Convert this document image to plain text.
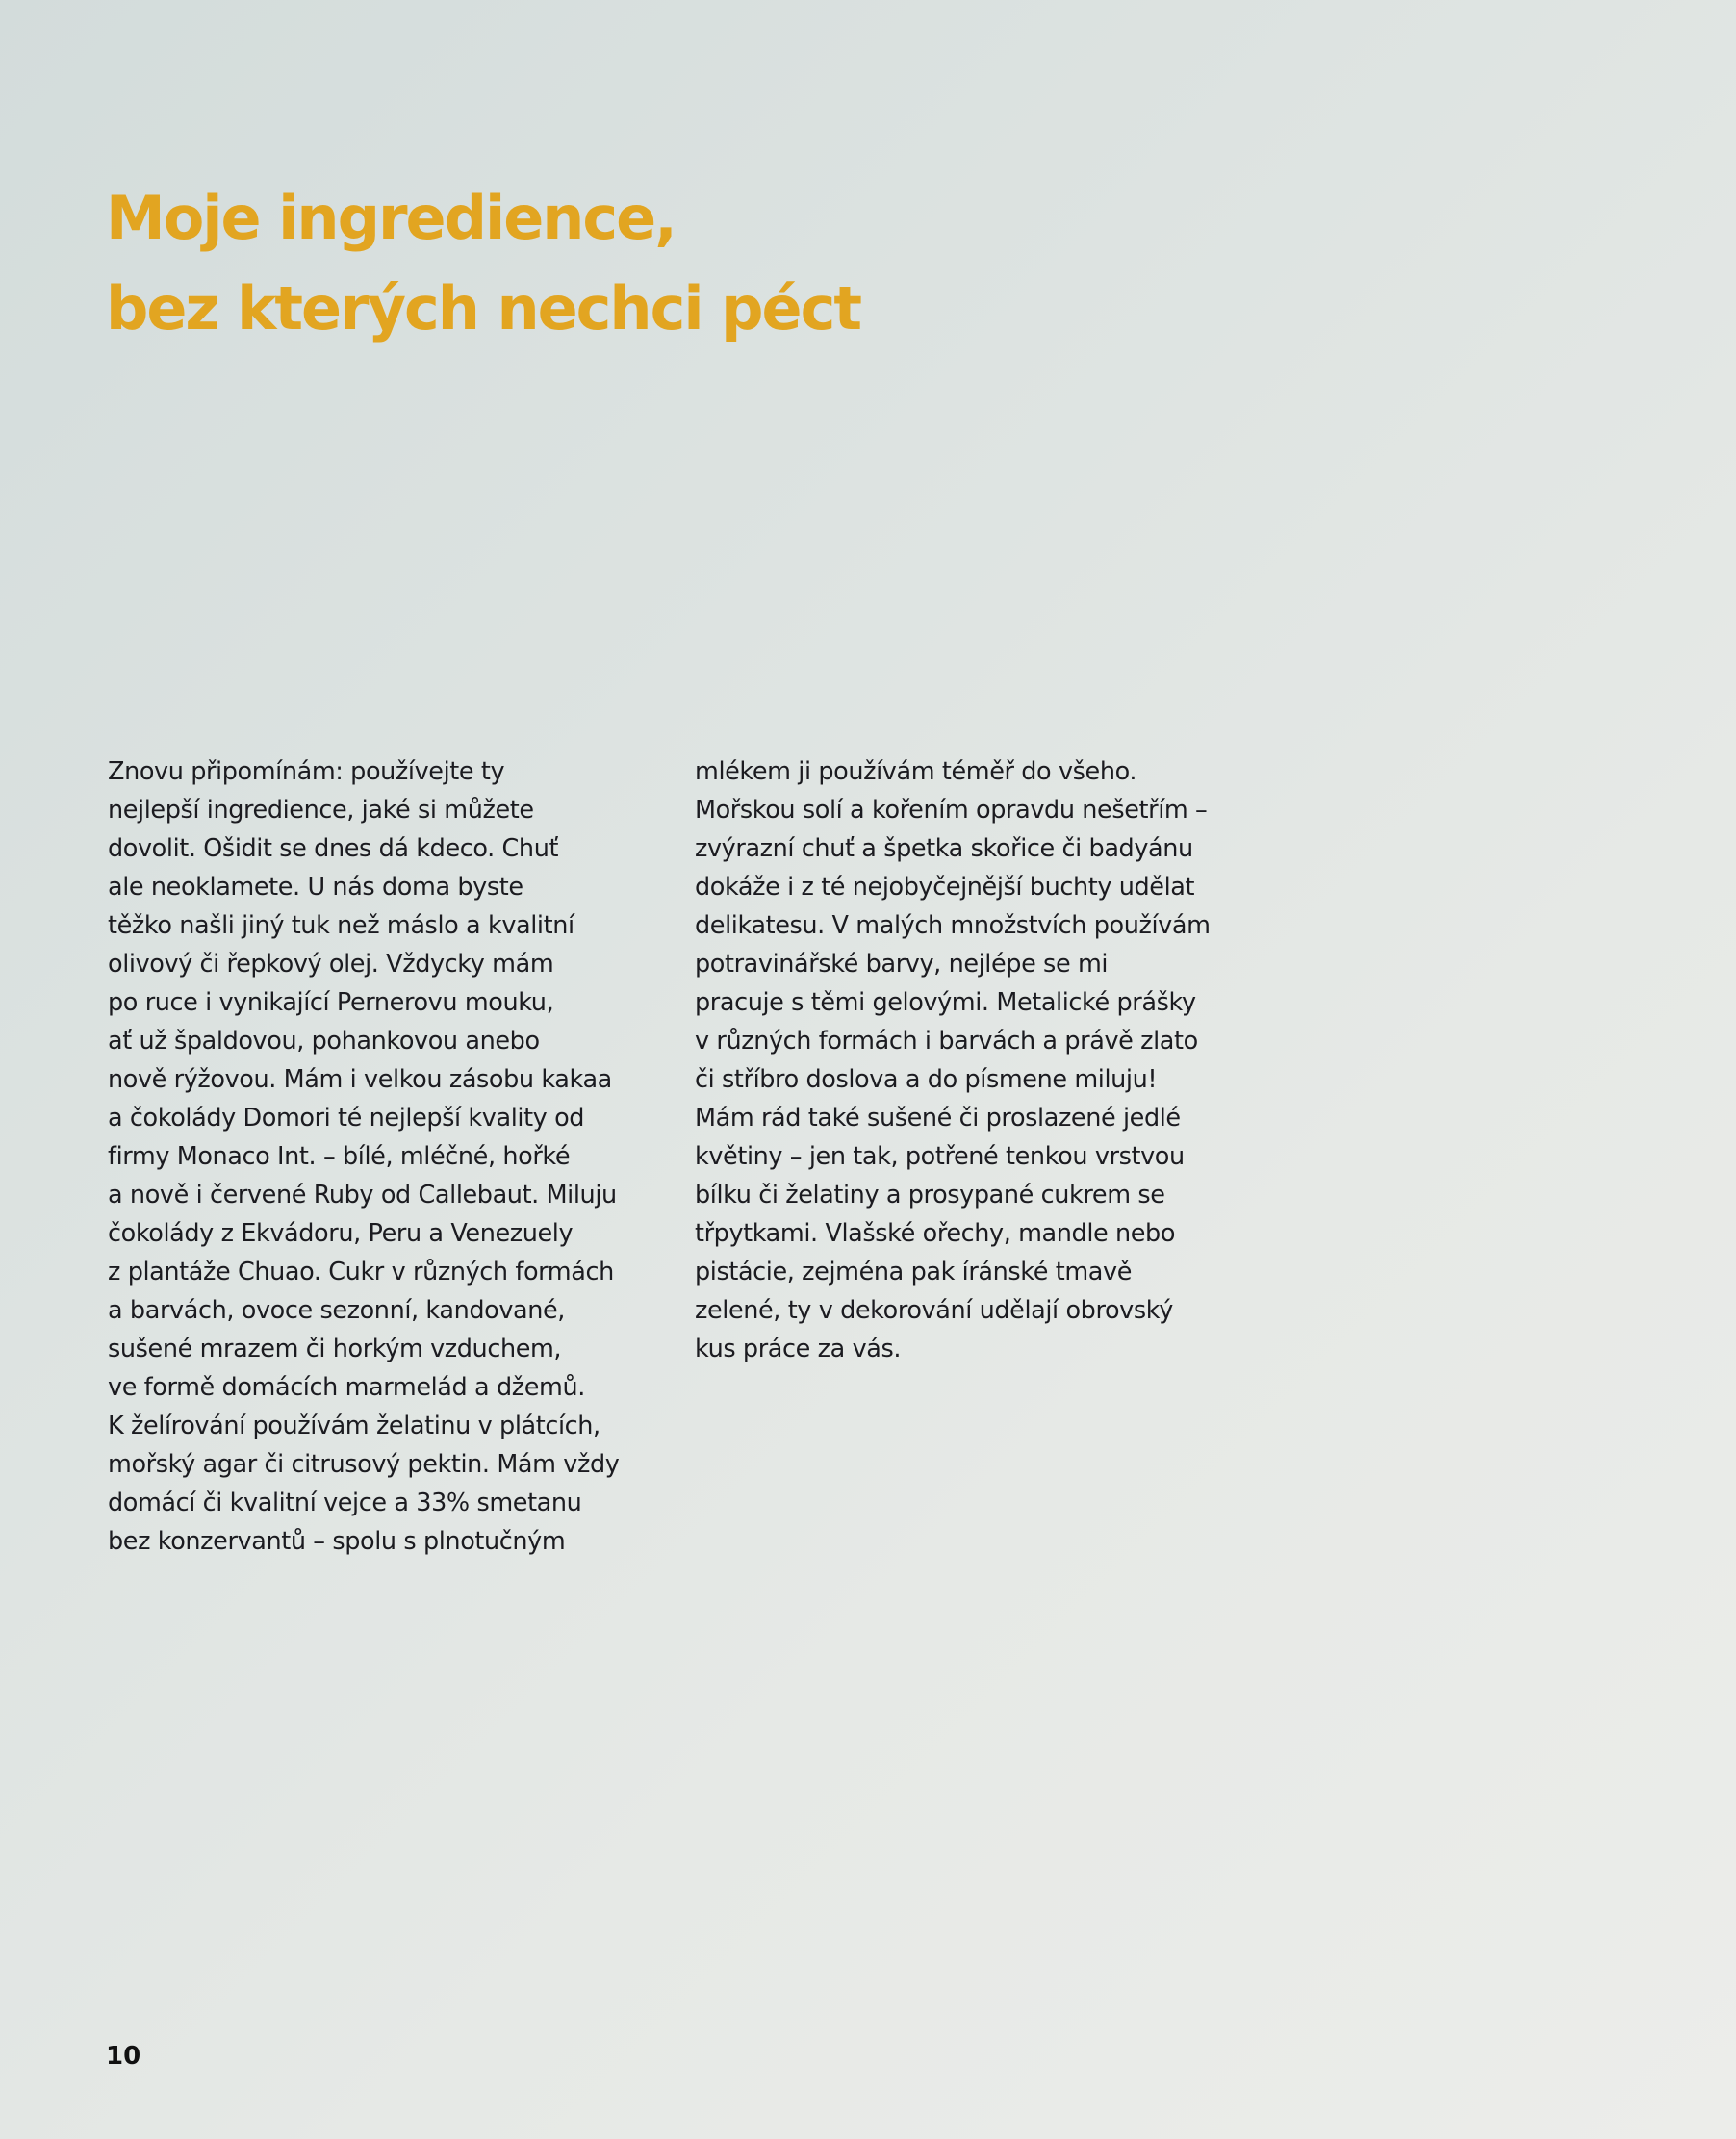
Moje ingredience,
bez kterých nechci péct
Znovu připomínám: používejte ty
nejlepší ingredience, jaké si můžete
dovolit. Ošidit se dnes dá kdeco. Chuť
ale neoklamete. U nás doma byste
těžko našli jiný tuk než máslo a kvalitní
olivový či řepkový olej. Vždycky mám
po ruce i vynikající Pernerovu mouku,
ať už špaldovou, pohankovou anebo
nově rýžovou. Mám i velkou zásobu kakaa
a čokolády Domori té nejlepší kvality od
firmy Monaco Int. – bílé, mléčné, hořké
a nově i červené Ruby od Callebaut. Miluju
čokolády z Ekvádoru, Peru a Venezuely
z plantáže Chuao. Cukr v různých formách
a barvách, ovoce sezonní, kandované,
sušené mrazem či horkým vzduchem,
ve formě domácích marmelád a džemů.
K želírování používám želatinu v plátcích,
mořský agar či citrusový pektin. Mám vždy
domácí či kvalitní vejce a 33% smetanu
bez konzervantů – spolu s plnotučným
mlékem ji používám téměř do všeho.
Mořskou solí a kořením opravdu nešetřím –
zvýrazní chuť a špetka skořice či badyánu
dokáže i z té nejobyčejnější buchty udělat
delikatesu. V malých množstvích používám
potravinářské barvy, nejlépe se mi
pracuje s těmi gelovými. Metalické prášky
v různých formách i barvách a právě zlato
či stříbro doslova a do písmene miluju!
Mám rád také sušené či proslazené jedlé
květiny – jen tak, potřené tenkou vrstvou
bílku či želatiny a prosypané cukrem se
třpytkami. Vlašské ořechy, mandle nebo
pistácie, zejména pak íránské tmavě
zelené, ty v dekorování udělají obrovský
kus práce za vás.
10
